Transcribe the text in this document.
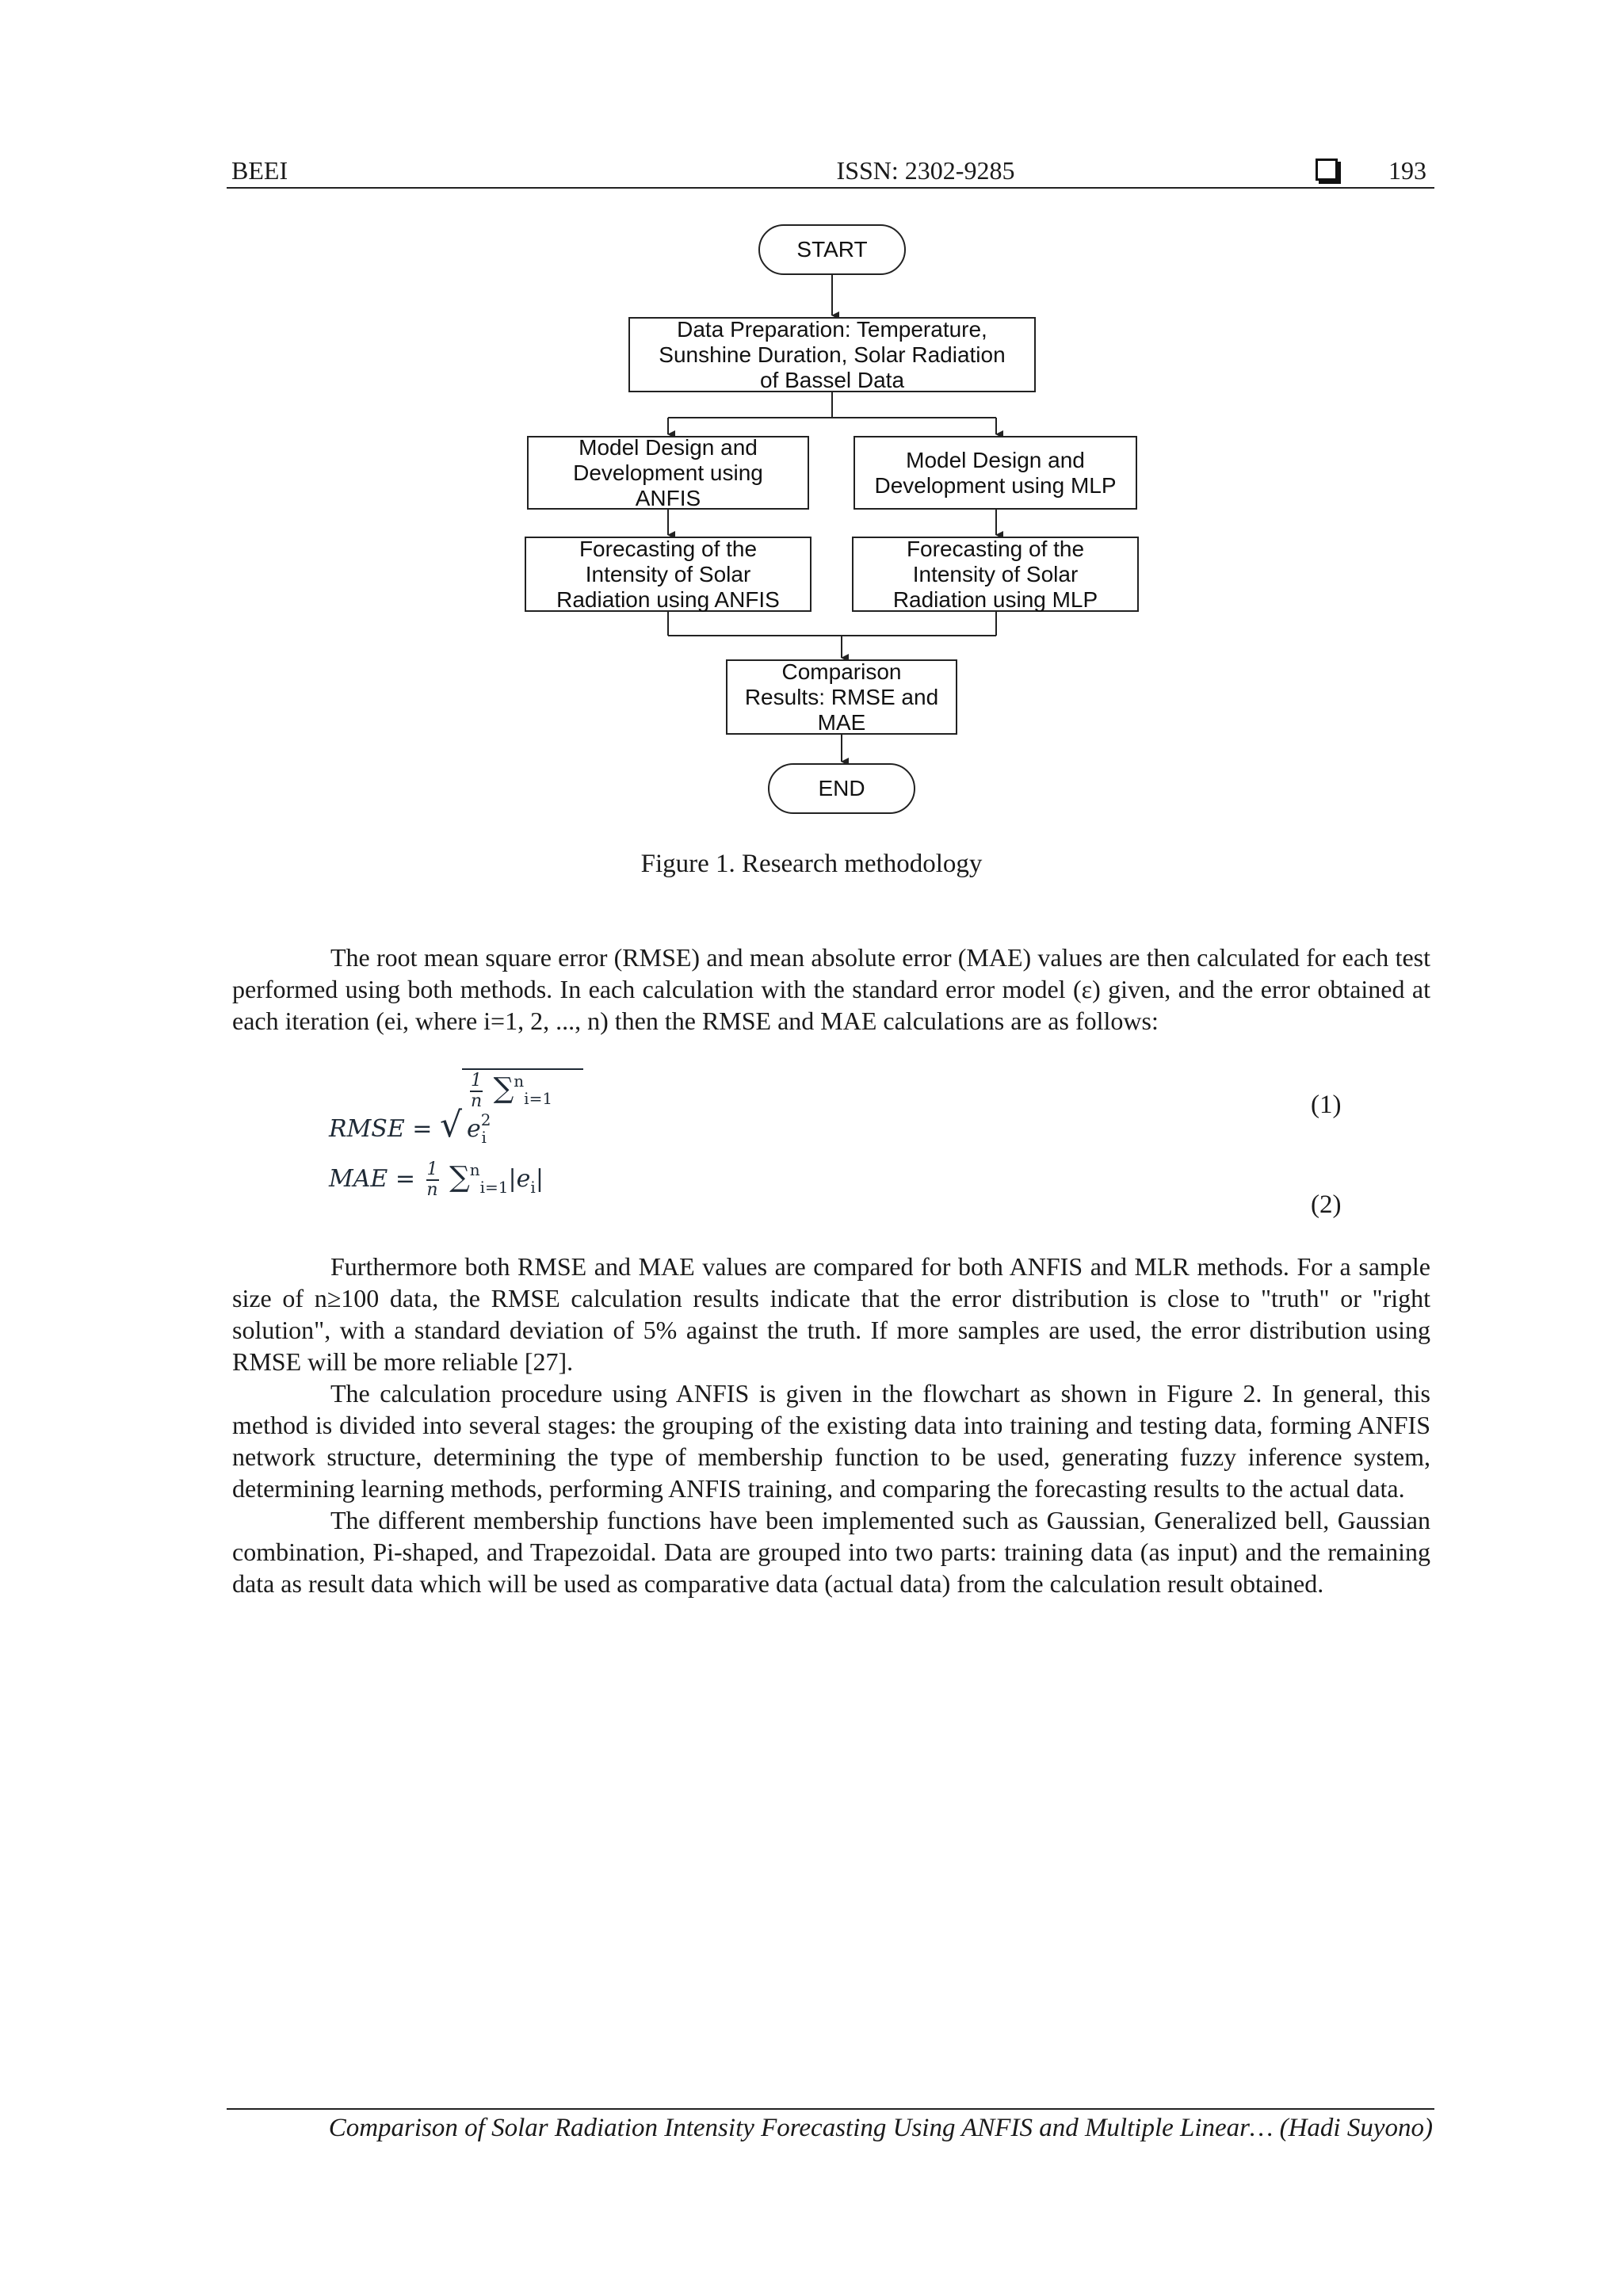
BEEI	ISSN: 2302-9285	193
START
Data Preparation: Temperature,
Sunshine Duration, Solar Radiation
of Bassel Data
Model Design and
Development using
ANFIS
Model Design and
Development using MLP
Forecasting of the
Intensity of Solar
Radiation using ANFIS
Forecasting of the
Intensity of Solar
Radiation using MLP
Comparison
Results: RMSE and
MAE
END
Figure 1. Research methodology

The root mean square error (RMSE) and mean absolute error (MAE) values are then calculated for each test performed using both methods. In each calculation with the standard error model (ε) given, and the error obtained at each iteration (ei, where i=1, 2, ..., n) then the RMSE and MAE calculations are as follows:

RMSE = √
$\frac{1}{n} \sum^n_{i=1}$ $e^2_i$
(1)
MAE = $\frac{1}{n} \sum^n_{i=1}|e_i|$
(2)

Furthermore both RMSE and MAE values are compared for both ANFIS and MLR methods. For a sample size of n≥100 data, the RMSE calculation results indicate that the error distribution is close to "truth" or "right solution", with a standard deviation of 5% against the truth. If more samples are used, the error distribution using RMSE will be more reliable [27].

The calculation procedure using ANFIS is given in the flowchart as shown in Figure 2. In general, this method is divided into several stages: the grouping of the existing data into training and testing data, forming ANFIS network structure, determining the type of membership function to be used, generating fuzzy inference system, determining learning methods, performing ANFIS training, and comparing the forecasting results to the actual data.

The different membership functions have been implemented such as Gaussian, Generalized bell, Gaussian combination, Pi-shaped, and Trapezoidal. Data are grouped into two parts: training data (as input) and the remaining data as result data which will be used as comparative data (actual data) from the calculation result obtained.

Comparison of Solar Radiation Intensity Forecasting Using ANFIS and Multiple Linear… (Hadi Suyono)
